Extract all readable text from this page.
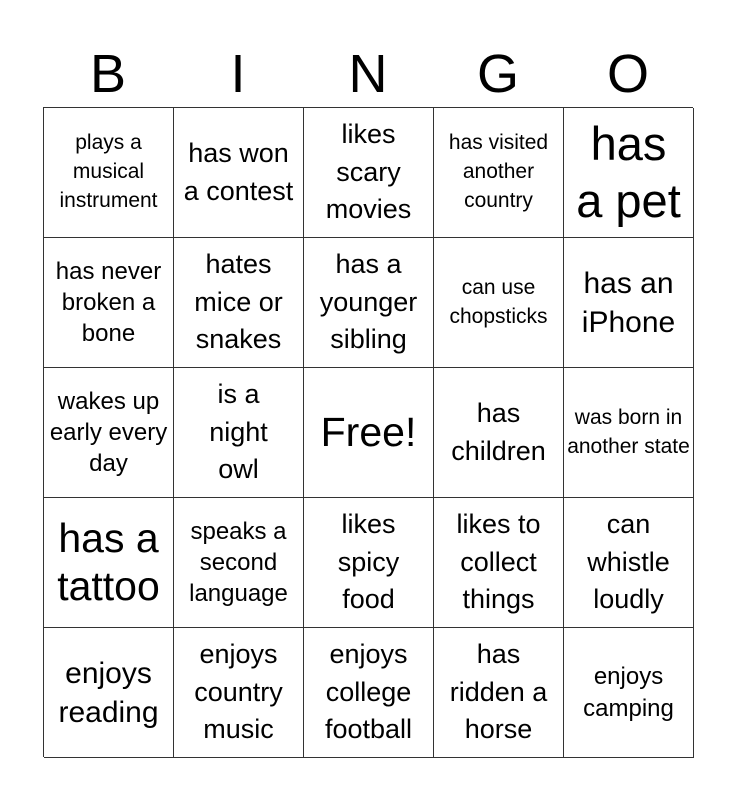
B	I	N	G	O
plays a musical instrument
has won a contest
likes scary movies
has visited another country
has a pet
has never broken a bone
hates mice or snakes
has a younger sibling
can use chopsticks
has an iPhone
wakes up early every day
is a night owl
Free!	has children
was born in another state
has a tattoo
speaks a second language
likes spicy food
likes to collect things
can whistle loudly
enjoys reading
enjoys country music
enjoys college football
has ridden a horse
enjoys camping
